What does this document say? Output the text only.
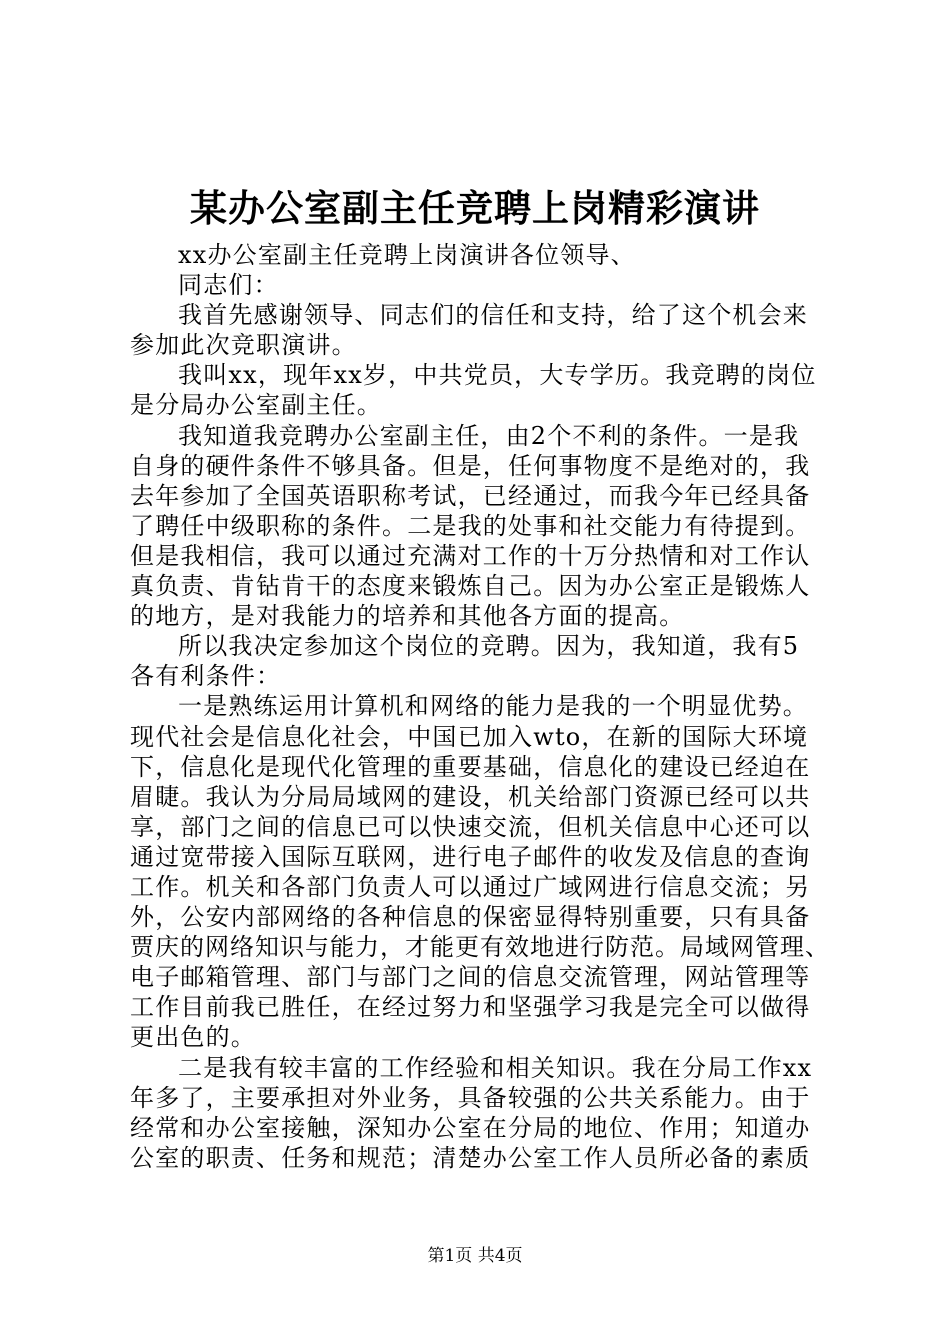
某办公室副主任竞聘上岗精彩演讲
xx办公室副主任竞聘上岗演讲各位领导、
同志们：
我首先感谢领导、同志们的信任和支持，给了这个机会来
参加此次竞职演讲。
我叫xx，现年xx岁，中共党员，大专学历。我竞聘的岗位
是分局办公室副主任。
我知道我竞聘办公室副主任，由2个不利的条件。一是我
自身的硬件条件不够具备。但是，任何事物度不是绝对的，我
去年参加了全国英语职称考试，已经通过，而我今年已经具备
了聘任中级职称的条件。二是我的处事和社交能力有待提到。
但是我相信，我可以通过充满对工作的十万分热情和对工作认
真负责、肯钻肯干的态度来锻炼自己。因为办公室正是锻炼人
的地方，是对我能力的培养和其他各方面的提高。
所以我决定参加这个岗位的竞聘。因为，我知道，我有5
各有利条件：
一是熟练运用计算机和网络的能力是我的一个明显优势。
现代社会是信息化社会，中国已加入wto，在新的国际大环境
下，信息化是现代化管理的重要基础，信息化的建设已经迫在
眉睫。我认为分局局域网的建设，机关给部门资源已经可以共
享，部门之间的信息已可以快速交流，但机关信息中心还可以
通过宽带接入国际互联网，进行电子邮件的收发及信息的查询
工作。机关和各部门负责人可以通过广域网进行信息交流；另
外，公安内部网络的各种信息的保密显得特别重要，只有具备
贾庆的网络知识与能力，才能更有效地进行防范。局域网管理、
电子邮箱管理、部门与部门之间的信息交流管理，网站管理等
工作目前我已胜任，在经过努力和坚强学习我是完全可以做得
更出色的。
二是我有较丰富的工作经验和相关知识。我在分局工作xx
年多了，主要承担对外业务，具备较强的公共关系能力。由于
经常和办公室接触，深知办公室在分局的地位、作用；知道办
公室的职责、任务和规范；清楚办公室工作人员所必备的素质
第1页 共4页
